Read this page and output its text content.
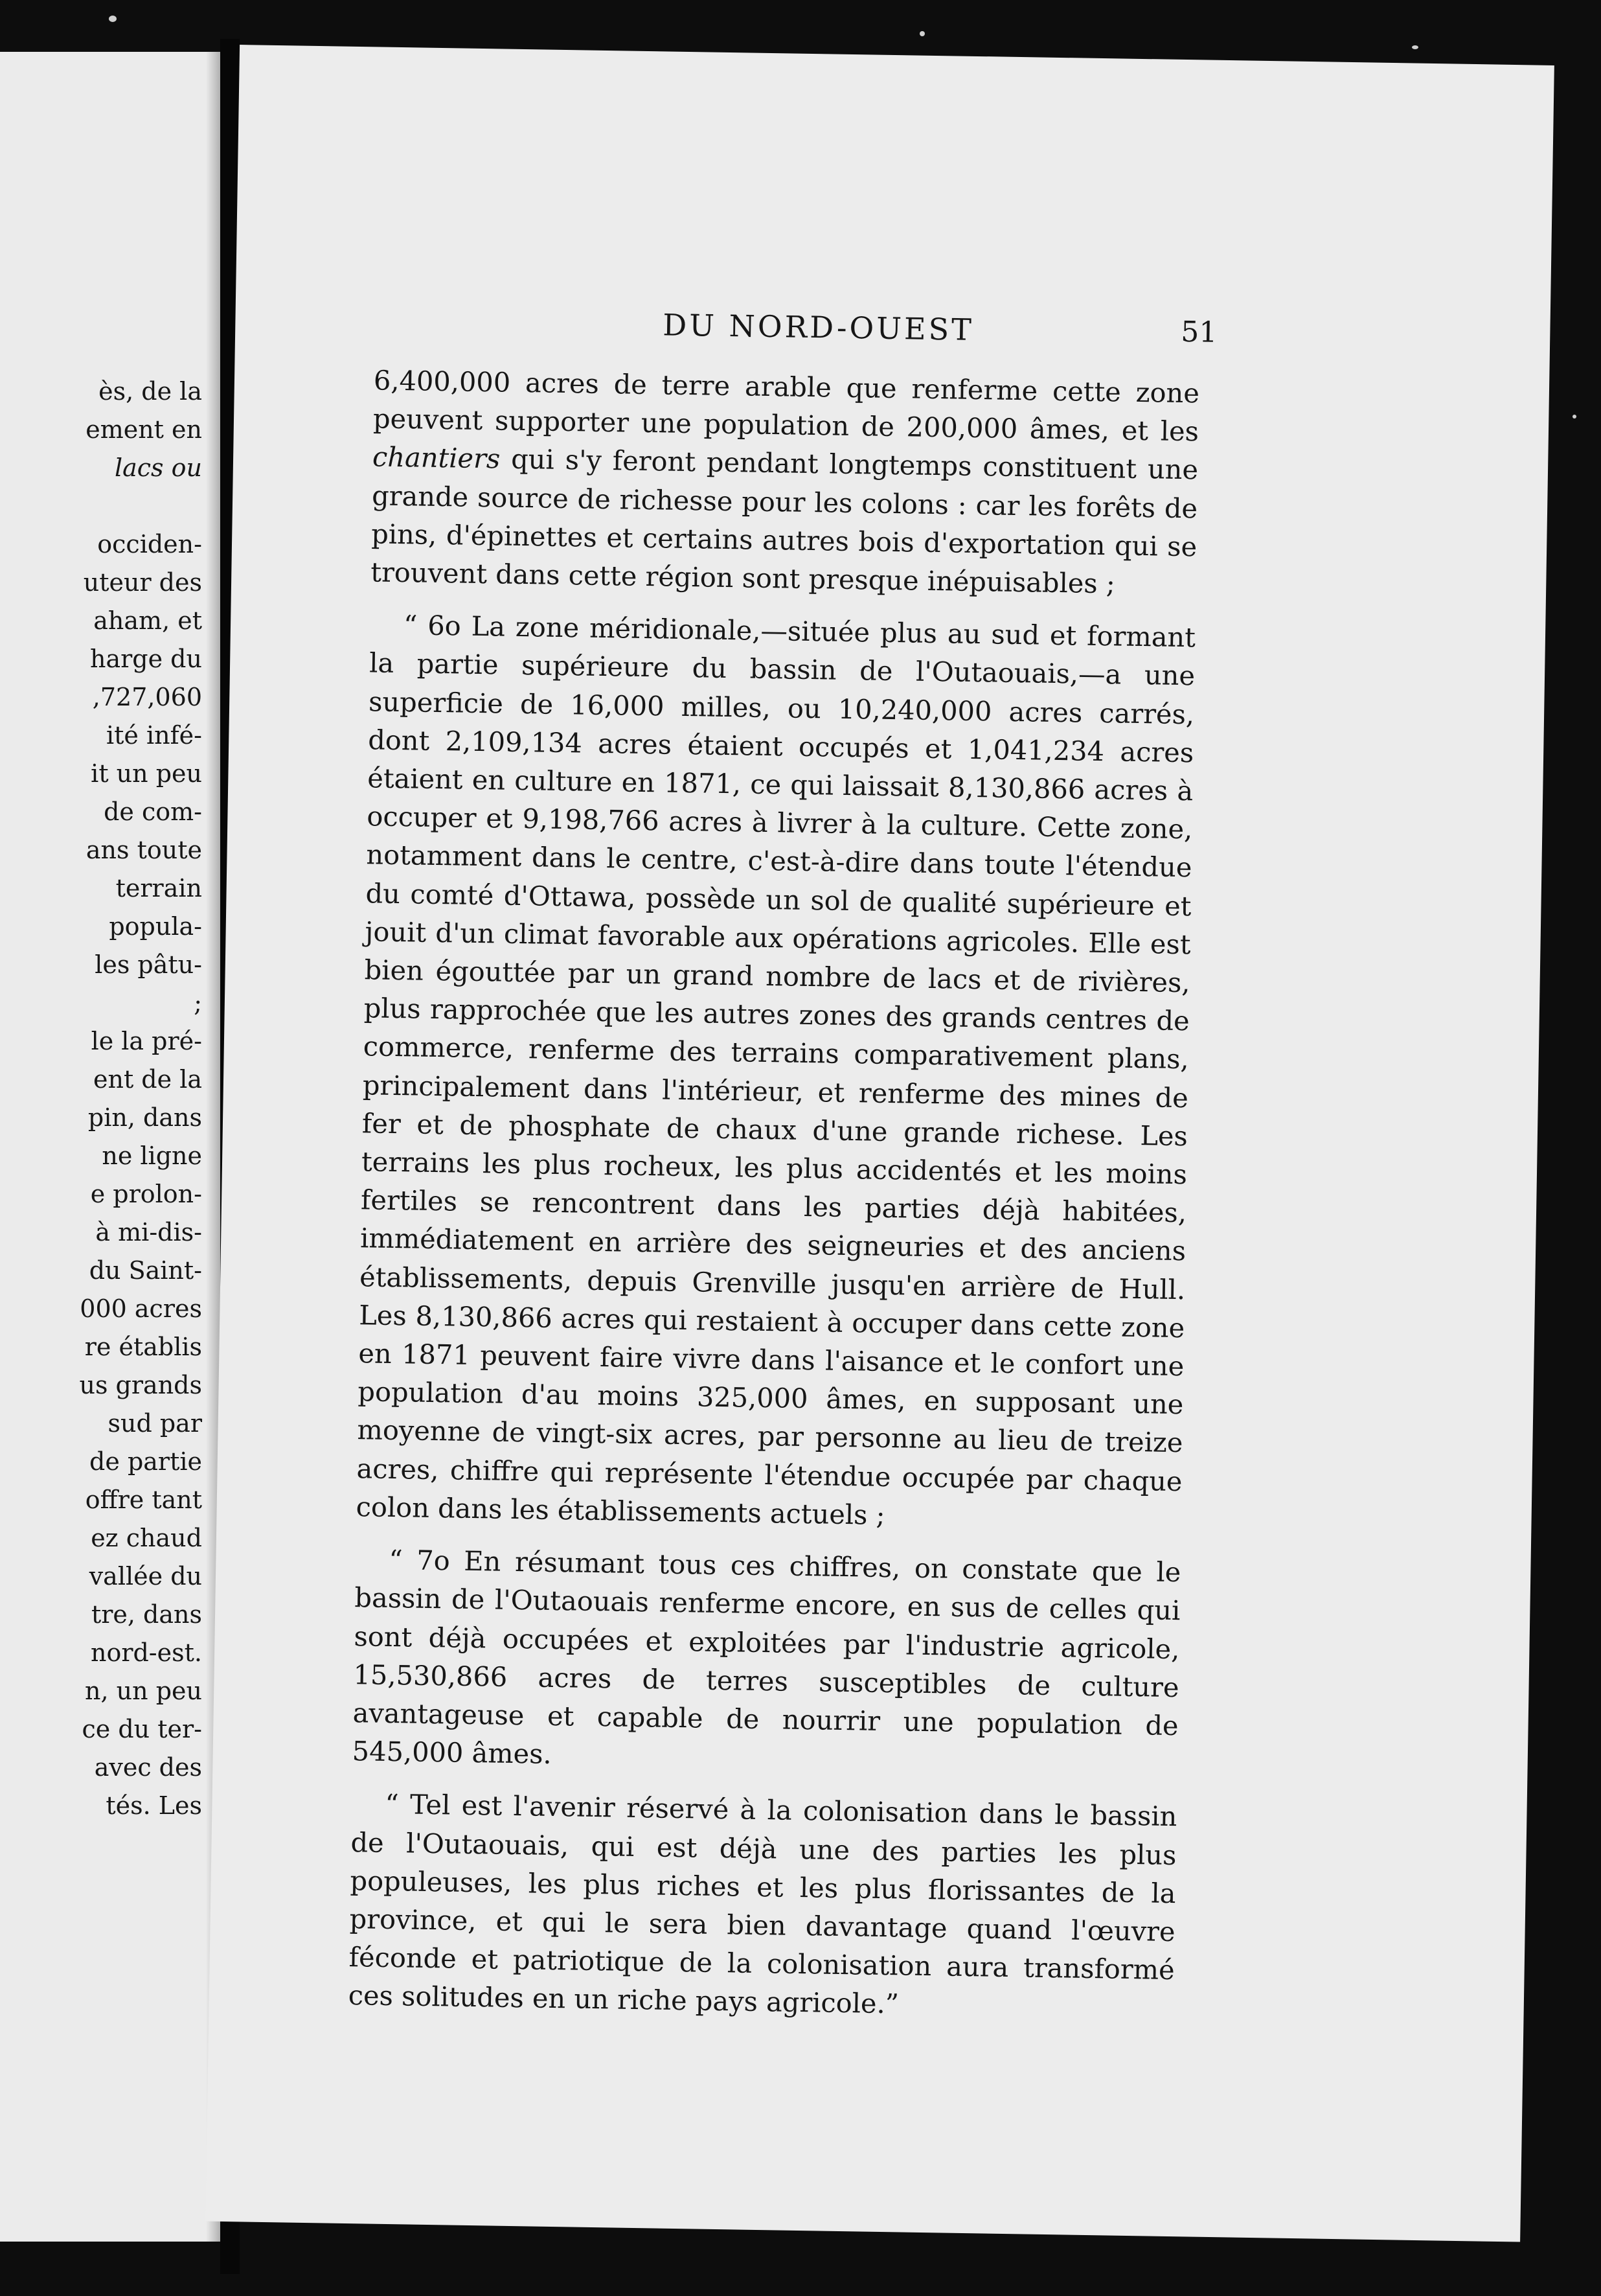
ès, de la
ement en
lacs ou
occiden-
uteur des
aham, et
harge du
,727,060
ité infé-
it un peu
de com-
ans toute
terrain
popula-
les pâtu-
;
le la pré-
ent de la
pin, dans
ne ligne
e prolon-
à mi-dis-
du Saint-
000 acres
re établis
us grands
sud par
de partie
offre tant
ez chaud
vallée du
tre, dans
nord-est.
n, un peu
ce du ter-
avec des
tés. Les
DU NORD-OUEST	51

6,400,000 acres de terre arable que renferme cette zone peuvent supporter une population de 200,000 âmes, et les chantiers qui s'y feront pendant longtemps constituent une grande source de richesse pour les colons : car les forêts de pins, d'épinettes et certains autres bois d'exportation qui se trouvent dans cette région sont presque inépuisables ;

“ 6o La zone méridionale,—située plus au sud et formant la partie supérieure du bassin de l'Outaouais,—a une superficie de 16,000 milles, ou 10,240,000 acres carrés, dont 2,109,134 acres étaient occupés et 1,041,234 acres étaient en culture en 1871, ce qui laissait 8,130,866 acres à occuper et 9,198,766 acres à livrer à la culture. Cette zone, notamment dans le centre, c'est-à-dire dans toute l'étendue du comté d'Ottawa, possède un sol de qualité supérieure et jouit d'un climat favorable aux opérations agricoles. Elle est bien égouttée par un grand nombre de lacs et de rivières, plus rapprochée que les autres zones des grands centres de commerce, renferme des terrains comparativement plans, principalement dans l'intérieur, et renferme des mines de fer et de phosphate de chaux d'une grande richese. Les terrains les plus rocheux, les plus accidentés et les moins fertiles se rencontrent dans les parties déjà habitées, immédiatement en arrière des seigneuries et des anciens établissements, depuis Grenville jusqu'en arrière de Hull. Les 8,130,866 acres qui restaient à occuper dans cette zone en 1871 peuvent faire vivre dans l'aisance et le confort une population d'au moins 325,000 âmes, en supposant une moyenne de vingt-six acres, par personne au lieu de treize acres, chiffre qui représente l'étendue occupée par chaque colon dans les établissements actuels ;

“ 7o En résumant tous ces chiffres, on constate que le bassin de l'Outaouais renferme encore, en sus de celles qui sont déjà occupées et exploitées par l'industrie agricole, 15,530,866 acres de terres susceptibles de culture avantageuse et capable de nourrir une population de 545,000 âmes.

“ Tel est l'avenir réservé à la colonisation dans le bassin de l'Outaouais, qui est déjà une des parties les plus populeuses, les plus riches et les plus florissantes de la province, et qui le sera bien davantage quand l'œuvre féconde et patriotique de la colonisation aura transformé ces solitudes en un riche pays agricole.”
